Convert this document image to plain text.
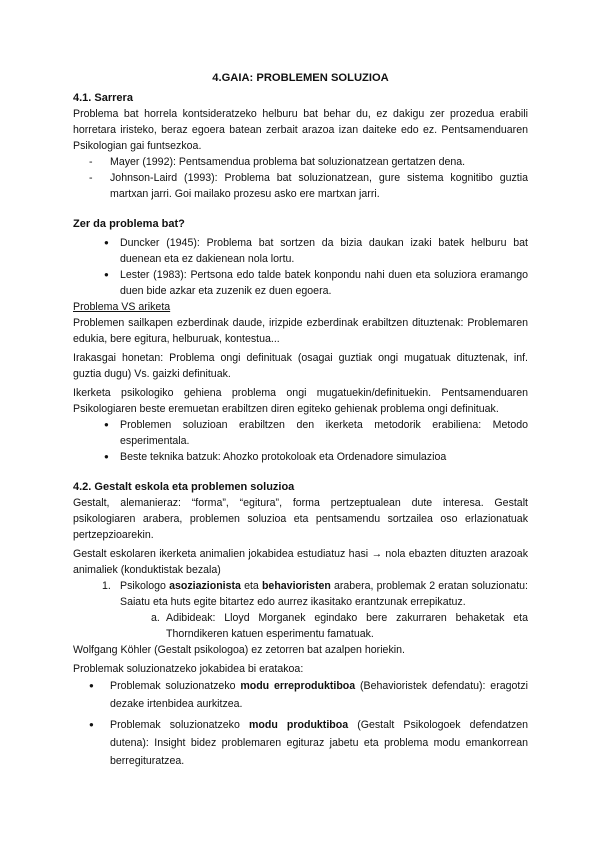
4.GAIA: PROBLEMEN SOLUZIOA
4.1. Sarrera

Problema bat horrela kontsideratzeko helburu bat behar du, ez dakigu zer prozedua erabili horretara iristeko, beraz egoera batean zerbait arazoa izan daiteke edo ez. Pentsamenduaren Psikologian gai funtsezkoa.

- Mayer (1992): Pentsamendua problema bat soluzionatzean gertatzen dena.
- Johnson-Laird (1993): Problema bat soluzionatzean, gure sistema kognitibo guztia martxan jarri. Goi mailako prozesu asko ere martxan jarri.
Zer da problema bat?
● Duncker (1945): Problema bat sortzen da bizia daukan izaki batek helburu bat duenean eta ez dakienean nola lortu.
● Lester (1983): Pertsona edo talde batek konpondu nahi duen eta soluziora eramango duen bide azkar eta zuzenik ez duen egoera.
Problema VS ariketa

Problemen sailkapen ezberdinak daude, irizpide ezberdinak erabiltzen dituztenak: Problemaren edukia, bere egitura, helburuak, kontestua...

Irakasgai honetan: Problema ongi definituak (osagai guztiak ongi mugatuak dituztenak, inf. guztia dugu) Vs. gaizki definituak.

Ikerketa psikologiko gehiena problema ongi mugatuekin/definituekin. Pentsamenduaren Psikologiaren beste eremuetan erabiltzen diren egiteko gehienak problema ongi definituak.

● Problemen soluzioan erabiltzen den ikerketa metodorik erabiliena: Metodo esperimentala.
● Beste teknika batzuk: Ahozko protokoloak eta Ordenadore simulazioa
4.2. Gestalt eskola eta problemen soluzioa

Gestalt, alemanieraz: “forma”, “egitura”, forma pertzeptualean dute interesa. Gestalt psikologiaren arabera, problemen soluzioa eta pentsamendu sortzailea oso erlazionatuak pertzepzioarekin.

Gestalt eskolaren ikerketa animalien jokabidea estudiatuz hasi → nola ebazten dituzten arazoak animaliek (konduktistak bezala)

1. Psikologo asoziazionista eta behavioristen arabera, problemak 2 eratan soluzionatu: Saiatu eta huts egite bitartez edo aurrez ikasitako erantzunak errepikatuz.
a. Adibideak: Lloyd Morganek egindako bere zakurraren behaketak eta Thorndikeren katuen esperimentu famatuak.

Wolfgang Köhler (Gestalt psikologoa) ez zetorren bat azalpen horiekin.

Problemak soluzionatzeko jokabidea bi eratakoa:

● Problemak soluzionatzeko modu erreproduktiboa (Behavioristek defendatu): eragotzi dezake irtenbidea aurkitzea.
● Problemak soluzionatzeko modu produktiboa (Gestalt Psikologoek defendatzen dutena): Insight bidez problemaren egituraz jabetu eta problema modu emankorrean berregituratzea.
